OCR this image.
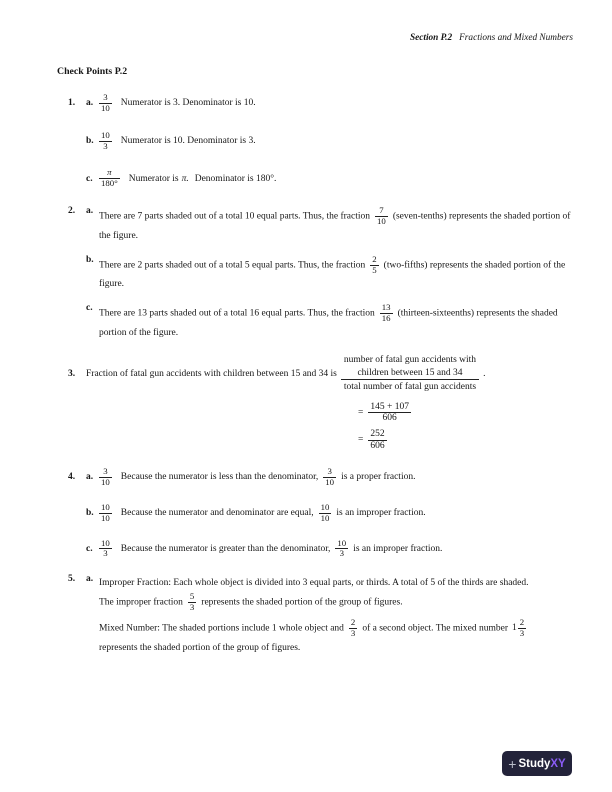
Section P.2 Fractions and Mixed Numbers
Check Points P.2
1.	a. $\frac{3}{10}$ Numerator is 3. Denominator is 10.
b. $\frac{10}{3}$ Numerator is 10. Denominator is 3.
c. $\frac{\pi}{180^\circ}$ Numerator is π. Denominator is 180°.
2.	a.
There are 7 parts shaded out of a total 10 equal parts. Thus, the fraction $\frac{7}{10}$ (seven-tenths) represents the shaded portion of the figure.
b.
There are 2 parts shaded out of a total 5 equal parts. Thus, the fraction $\frac{2}{5}$ (two-fifths) represents the shaded portion of the figure.
c.
There are 13 parts shaded out of a total 16 equal parts. Thus, the fraction $\frac{13}{16}$ (thirteen-sixteenths) represents the shaded portion of the figure.
3.	Fraction of fatal gun accidents with children between 15 and 34 is
number of fatal gun accidents with
children between 15 and 34
total number of fatal gun accidents
.
= $\frac{145 + 107}{606}$
= $\frac{252}{606}$
4.	a. $\frac{3}{10}$ Because the numerator is less than the denominator, $\frac{3}{10}$ is a proper fraction.
b. $\frac{10}{10}$ Because the numerator and denominator are equal, $\frac{10}{10}$ is an improper fraction.
c. $\frac{10}{3}$ Because the numerator is greater than the denominator, $\frac{10}{3}$ is an improper fraction.
5.	a. Improper Fraction: Each whole object is divided into 3 equal parts, or thirds. A total of 5 of the thirds are shaded.
The improper fraction $\frac{5}{3}$ represents the shaded portion of the group of figures.
Mixed Number: The shaded portions include 1 whole object and $\frac{2}{3}$ of a second object. The mixed number $1 \frac{2}{3}$
represents the shaded portion of the group of figures.
+ Study XY
